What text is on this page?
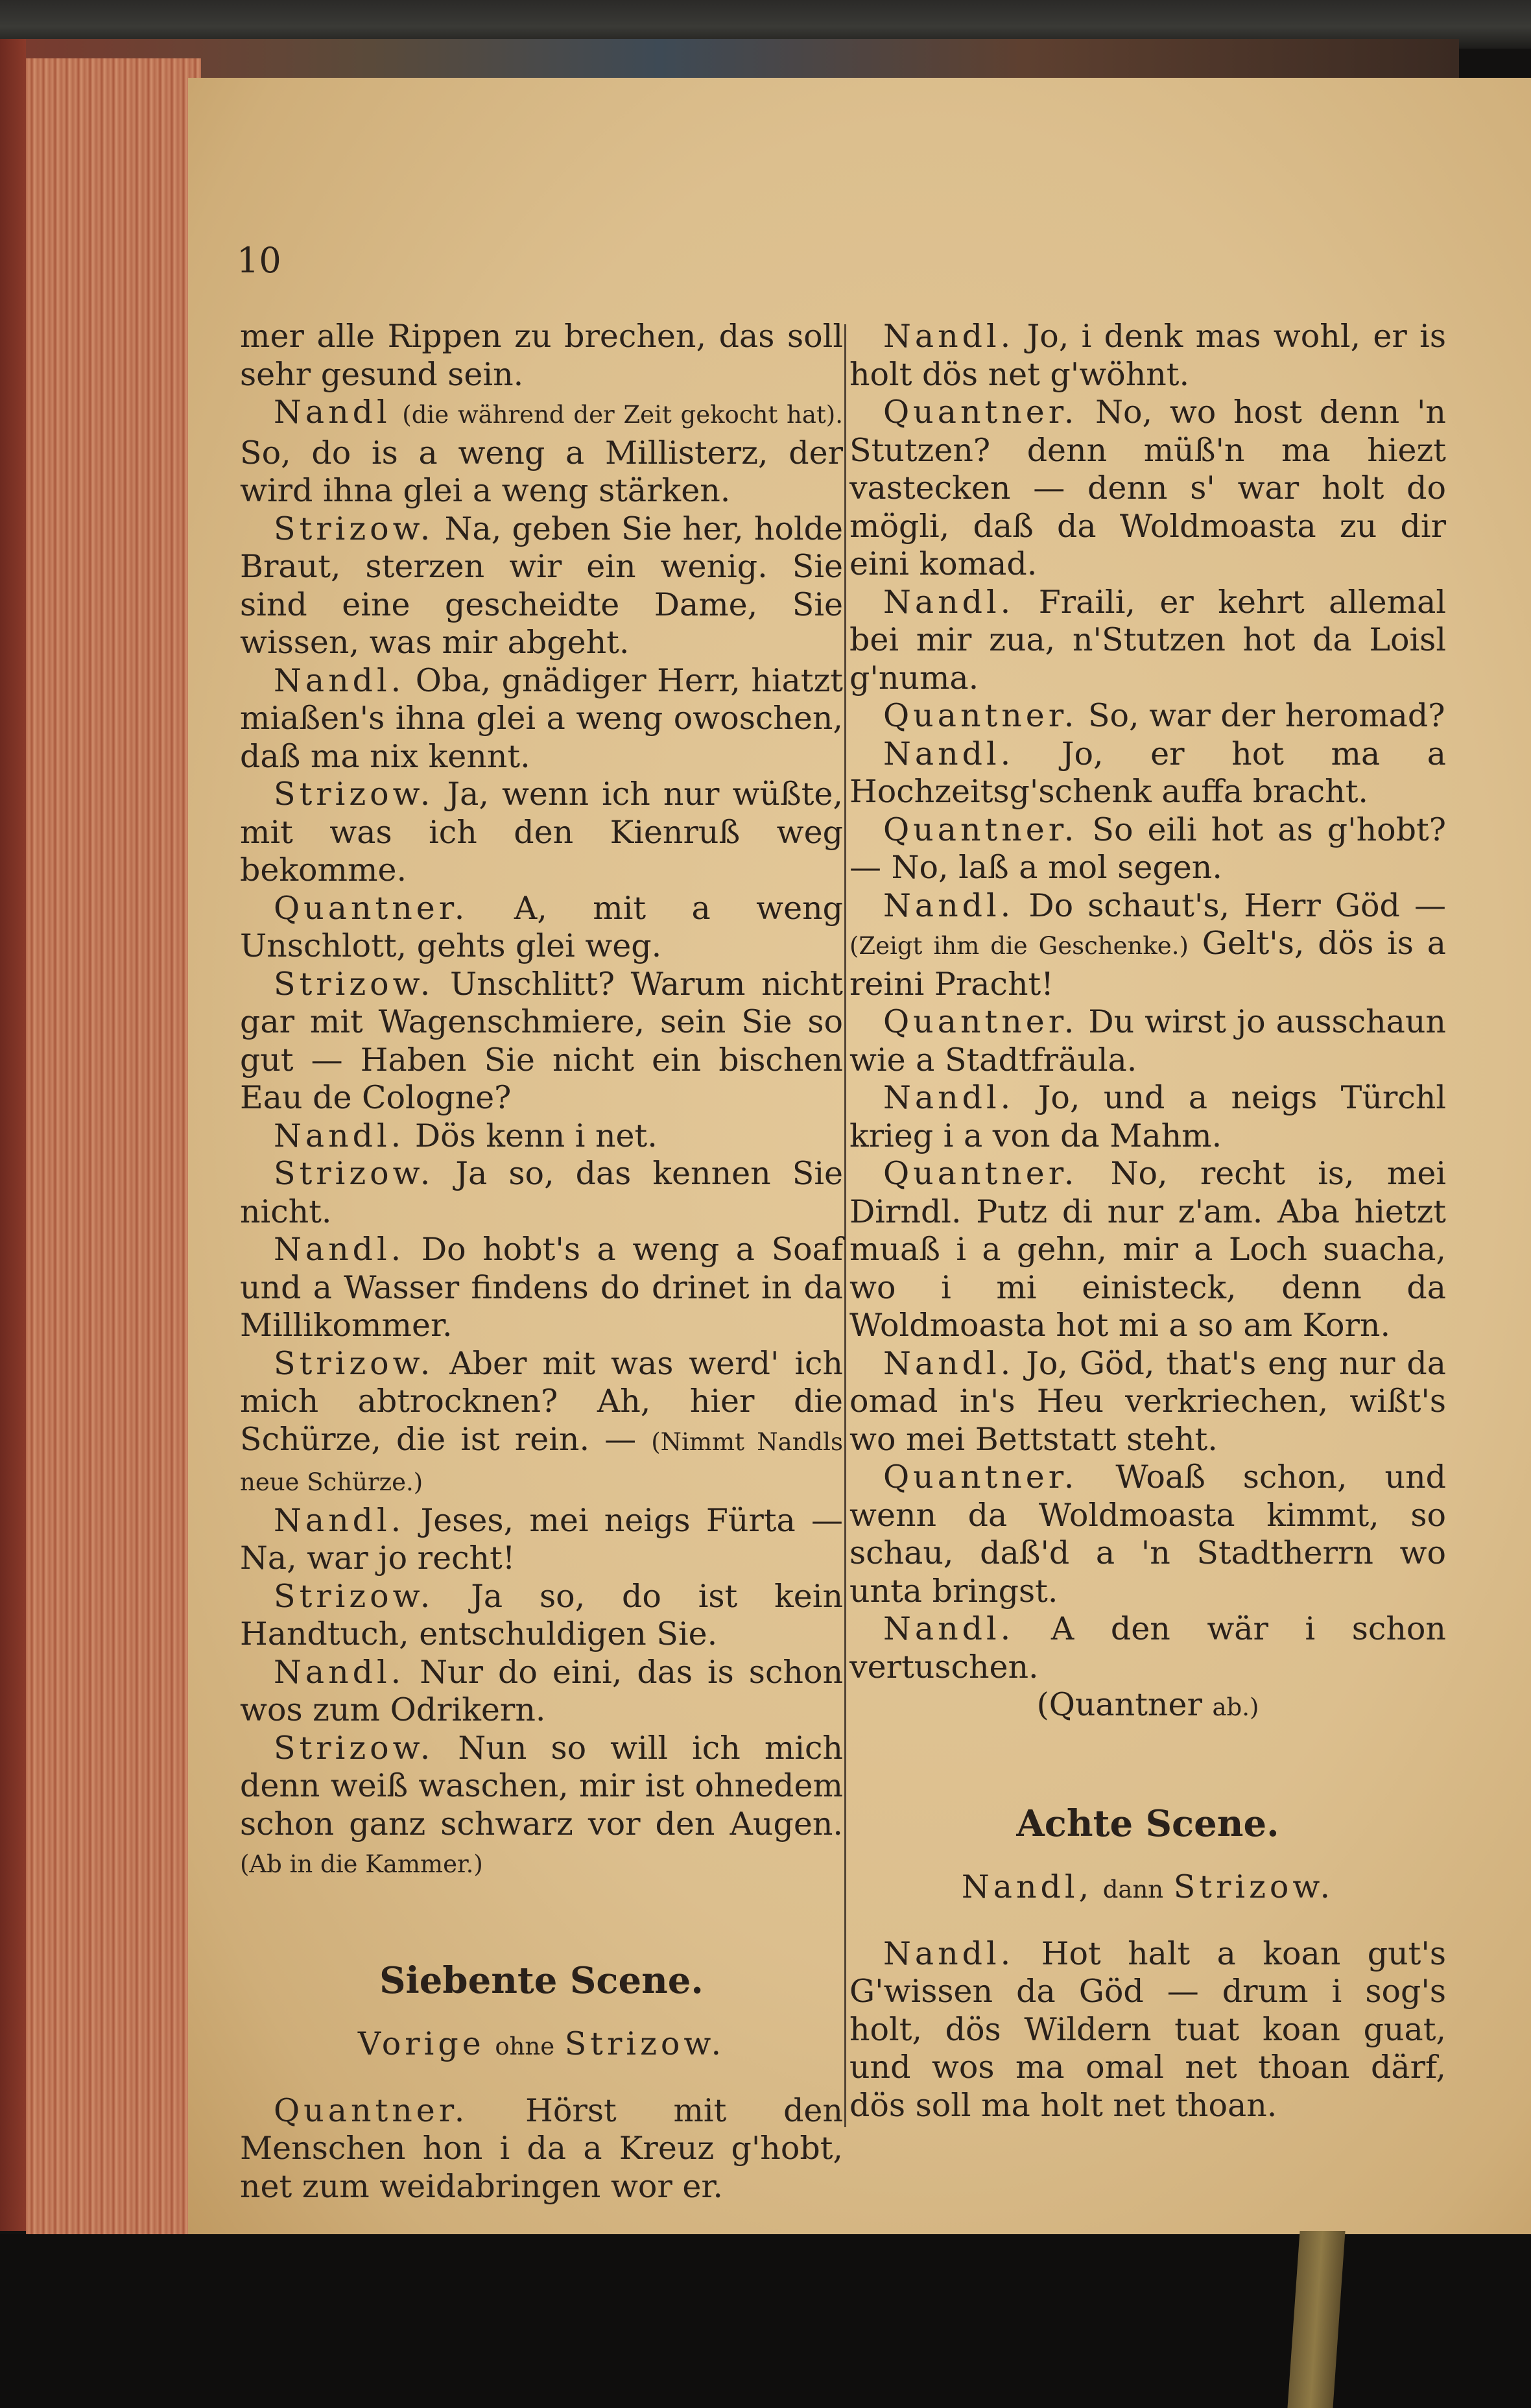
10

mer alle Rippen zu brechen, das soll sehr gesund sein.

Nandl (die während der Zeit gekocht hat). So, do is a weng a Millisterz, der wird ihna glei a weng stärken.

Strizow. Na, geben Sie her, holde Braut, sterzen wir ein wenig. Sie sind eine gescheidte Dame, Sie wissen, was mir abgeht.

Nandl. Oba, gnädiger Herr, hiatzt miaßen's ihna glei a weng owoschen, daß ma nix kennt.

Strizow. Ja, wenn ich nur wüßte, mit was ich den Kienruß weg bekomme.

Quantner. A, mit a weng Unschlott, gehts glei weg.

Strizow. Unschlitt? Warum nicht gar mit Wagenschmiere, sein Sie so gut — Haben Sie nicht ein bischen Eau de Cologne?

Nandl. Dös kenn i net.

Strizow. Ja so, das kennen Sie nicht.

Nandl. Do hobt's a weng a Soaf und a Wasser findens do drinet in da Millikommer.

Strizow. Aber mit was werd' ich mich abtrocknen? Ah, hier die Schürze, die ist rein. — (Nimmt Nandls neue Schürze.)

Nandl. Jeses, mei neigs Fürta — Na, war jo recht!

Strizow. Ja so, do ist kein Handtuch, entschuldigen Sie.

Nandl. Nur do eini, das is schon wos zum Odrikern.

Strizow. Nun so will ich mich denn weiß waschen, mir ist ohnedem schon ganz schwarz vor den Augen. (Ab in die Kammer.)

Siebente Scene.

Vorige ohne Strizow.

Quantner. Hörst mit den Menschen hon i da a Kreuz g'hobt, net zum weidabringen wor er.

Nandl. Jo, i denk mas wohl, er is holt dös net g'wöhnt.

Quantner. No, wo host denn 'n Stutzen? denn müß'n ma hiezt vastecken — denn s' war holt do mögli, daß da Woldmoasta zu dir eini komad.

Nandl. Fraili, er kehrt allemal bei mir zua, n'Stutzen hot da Loisl g'numa.

Quantner. So, war der heromad?

Nandl. Jo, er hot ma a Hochzeitsg'schenk auffa bracht.

Quantner. So eili hot as g'hobt? — No, laß a mol segen.

Nandl. Do schaut's, Herr Göd — (Zeigt ihm die Geschenke.) Gelt's, dös is a reini Pracht!

Quantner. Du wirst jo ausschaun wie a Stadtfräula.

Nandl. Jo, und a neigs Türchl krieg i a von da Mahm.

Quantner. No, recht is, mei Dirndl. Putz di nur z'am. Aba hietzt muaß i a gehn, mir a Loch suacha, wo i mi einisteck, denn da Woldmoasta hot mi a so am Korn.

Nandl. Jo, Göd, that's eng nur da omad in's Heu verkriechen, wißt's wo mei Bettstatt steht.

Quantner. Woaß schon, und wenn da Woldmoasta kimmt, so schau, daß'd a 'n Stadtherrn wo unta bringst.

Nandl. A den wär i schon vertuschen.

(Quantner ab.)

Achte Scene.

Nandl, dann Strizow.

Nandl. Hot halt a koan gut's G'wissen da Göd — drum i sog's holt, dös Wildern tuat koan guat, und wos ma omal net thoan därf, dös soll ma holt net thoan.
